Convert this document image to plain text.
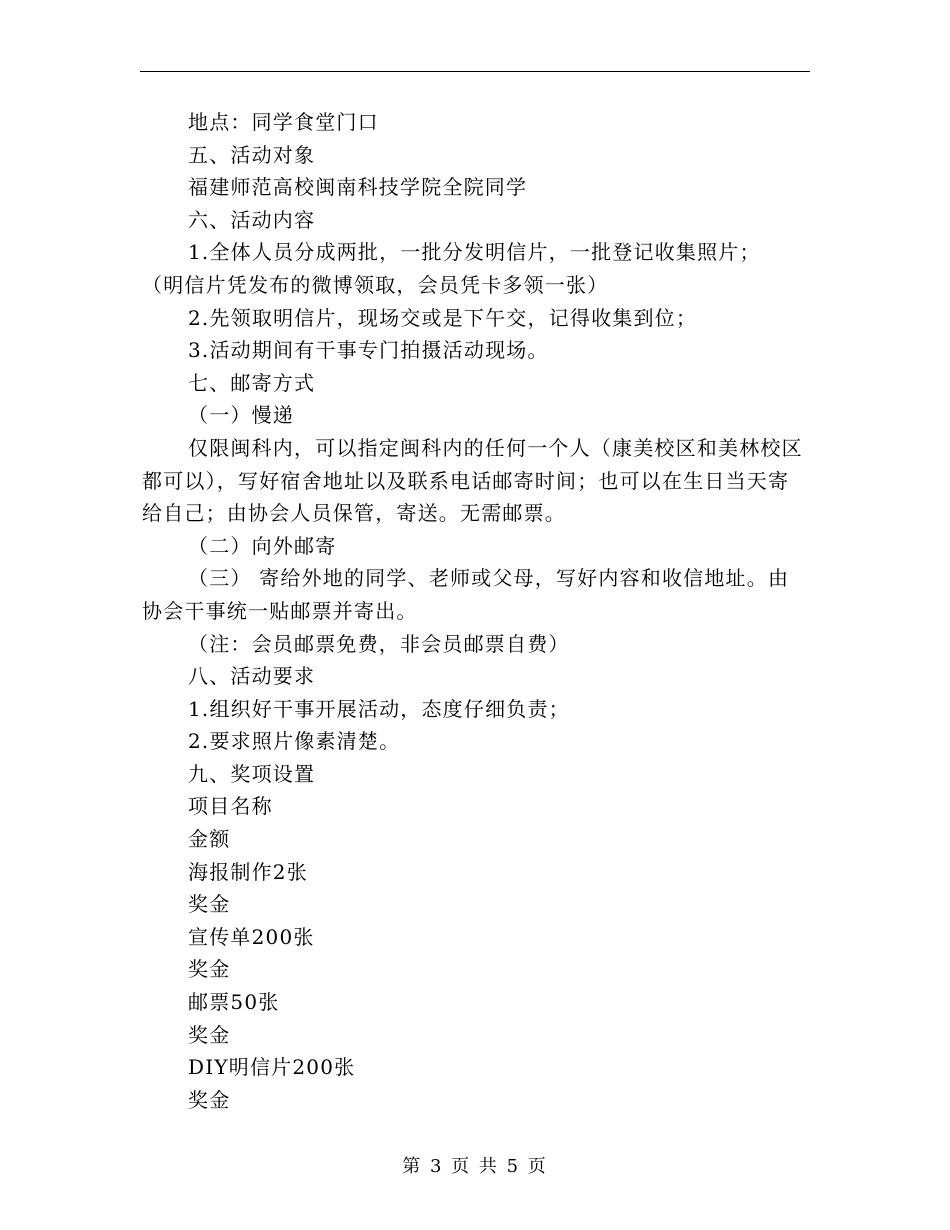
地点：同学食堂门口

五、活动对象

福建师范高校闽南科技学院全院同学

六、活动内容

1.全体人员分成两批，一批分发明信片，一批登记收集照片；

（明信片凭发布的微博领取，会员凭卡多领一张）

2.先领取明信片，现场交或是下午交，记得收集到位；

3.活动期间有干事专门拍摄活动现场。

七、邮寄方式

（一）慢递

仅限闽科内，可以指定闽科内的任何一个人（康美校区和美林校区都可以），写好宿舍地址以及联系电话邮寄时间；也可以在生日当天寄给自己；由协会人员保管，寄送。无需邮票。

（二）向外邮寄

（三） 寄给外地的同学、老师或父母，写好内容和收信地址。由协会干事统一贴邮票并寄出。

（注：会员邮票免费，非会员邮票自费）

八、活动要求

1.组织好干事开展活动，态度仔细负责；

2.要求照片像素清楚。

九、奖项设置

项目名称

金额

海报制作2张

奖金

宣传单200张

奖金

邮票50张

奖金

DIY明信片200张

奖金

第 3 页 共 5 页
